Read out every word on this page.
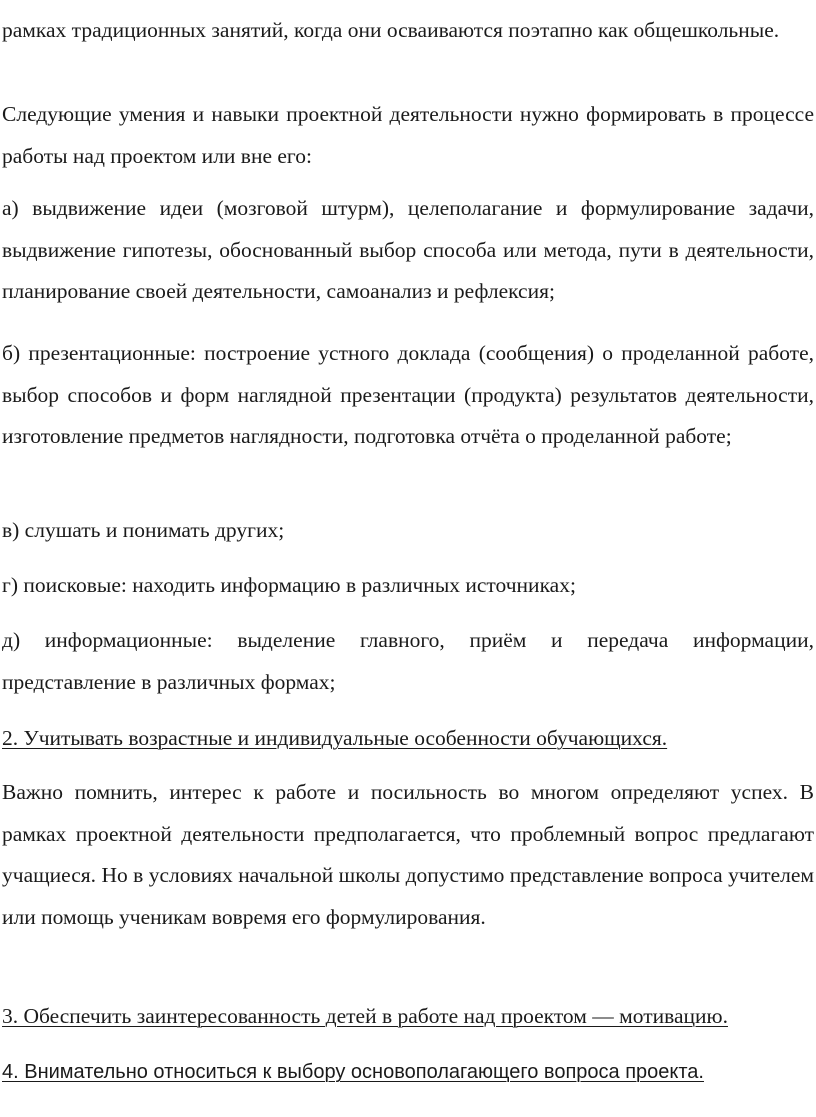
рамках традиционных занятий, когда они осваиваются поэтапно как общешкольные.

Следующие умения и навыки проектной деятельности нужно формировать в процессе работы над проектом или вне его:

а) выдвижение идеи (мозговой штурм), целеполагание и формулирование задачи, выдвижение гипотезы, обоснованный выбор способа или метода, пути в деятельности, планирование своей деятельности, самоанализ и рефлексия;

б) презентационные: построение устного доклада (сообщения) о проделанной работе, выбор способов и форм наглядной презентации (продукта) результатов деятельности, изготовление предметов наглядности, подготовка отчёта о проделанной работе;

в) слушать и понимать других;

г) поисковые: находить информацию в различных источниках;

д) информационные: выделение главного, приём и передача информации, представление в различных формах;

2. Учитывать возрастные и индивидуальные особенности обучающихся.

Важно помнить, интерес к работе и посильность во многом определяют успех. В рамках проектной деятельности предполагается, что проблемный вопрос предлагают учащиеся. Но в условиях начальной школы допустимо представление вопроса учителем или помощь ученикам вовремя его формулирования.

3. Обеспечить заинтересованность детей в работе над проектом — мотивацию.

4. Внимательно относиться к выбору основополагающего вопроса проекта.
